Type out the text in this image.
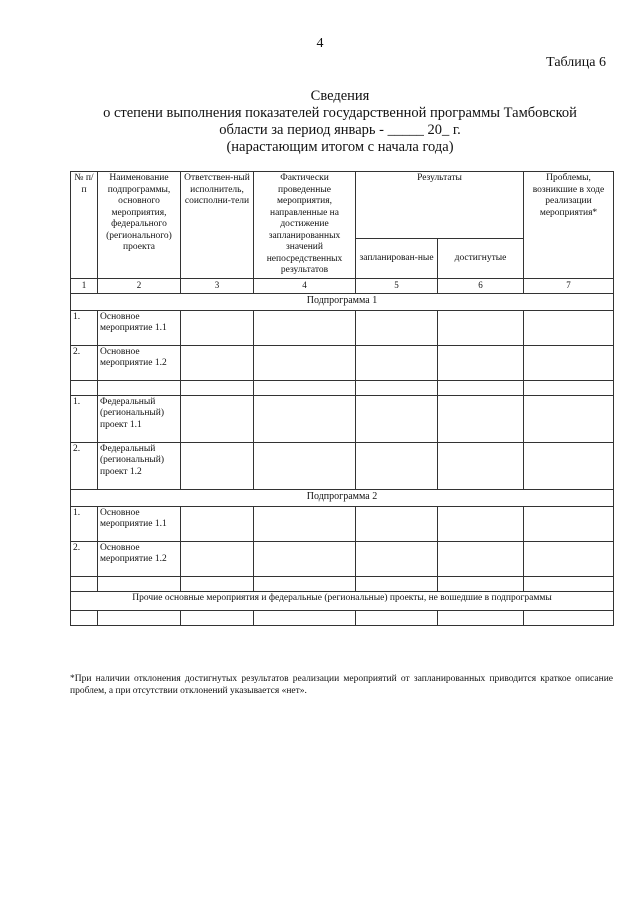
4
Таблица 6
Сведения
о степени выполнения показателей государственной программы Тамбовской
области за период январь - _____ 20_ г.
(нарастающим итогом с начала года)
№ п/п	Наименование подпрограммы, основного мероприятия, федерального (регионального) проекта	Ответствен-ный исполнитель, соисполни-тели	Фактически проведенные мероприятия, направленные на достижение запланированных значений непосредственных результатов	Результаты		Проблемы, возникшие в ходе реализации мероприятия*
				запланирован-ные	достигнутые	
1	2	3	4	5	6	7
Подпрограмма 1						
1.	Основное мероприятие 1.1					
2.	Основное мероприятие 1.2					

1.	Федеральный (региональный) проект 1.1					
2.	Федеральный (региональный) проект 1.2					
Подпрограмма 2						
1.	Основное мероприятие 1.1					
2.	Основное мероприятие 1.2					

Прочие основные мероприятия и федеральные (региональные) проекты, не вошедшие в подпрограммы						

*При наличии отклонения достигнутых результатов реализации мероприятий от запланированных приводится краткое описание проблем, а при отсутствии отклонений указывается «нет».
